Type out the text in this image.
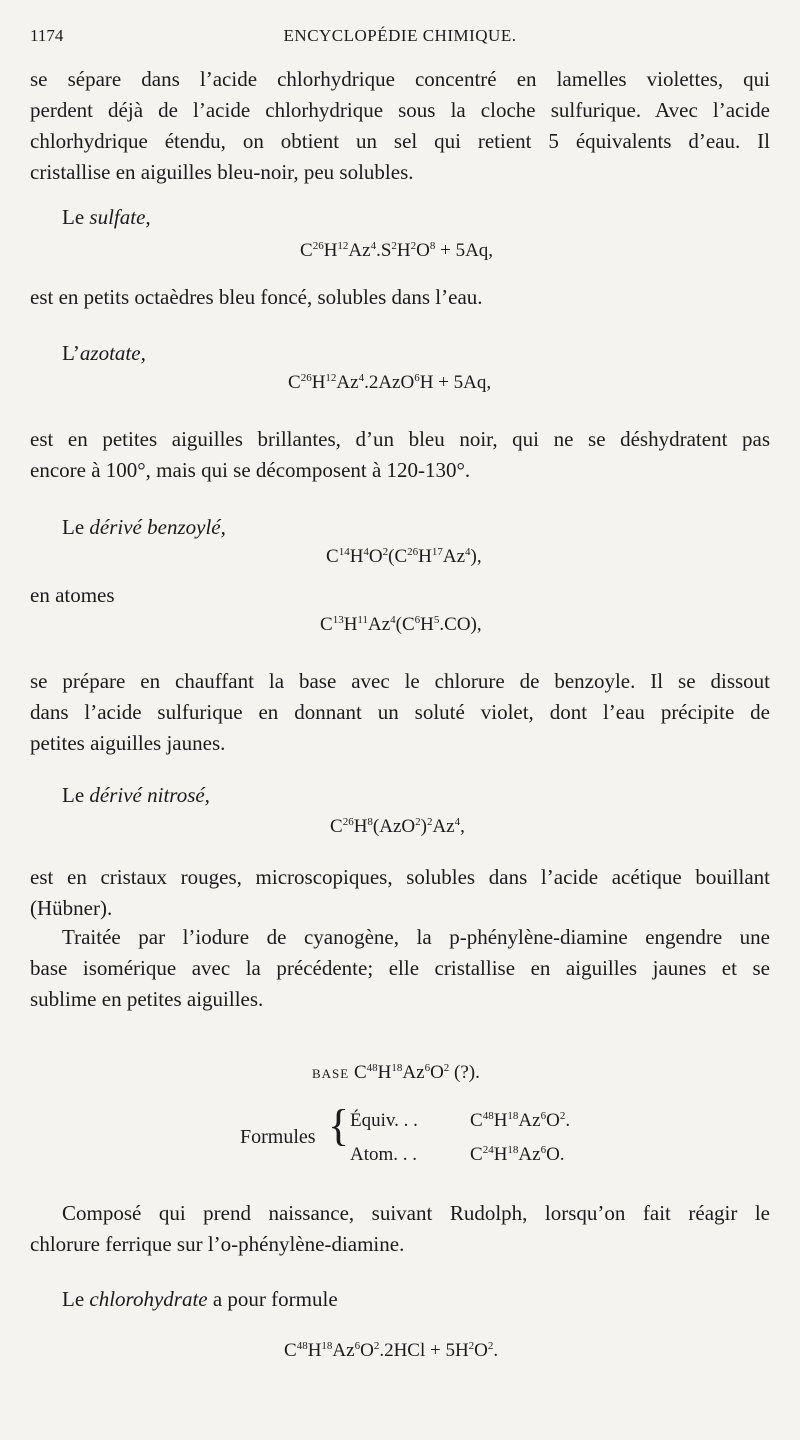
1174	ENCYCLOPÉDIE CHIMIQUE.
se sépare dans l’acide chlorhydrique concentré en lamelles violettes, qui
perdent déjà de l’acide chlorhydrique sous la cloche sulfurique. Avec l’acide
chlorhydrique étendu, on obtient un sel qui retient 5 équivalents d’eau. Il
cristallise en aiguilles bleu-noir, peu solubles.
Le sulfate,
$C^{26}H^{12}Az^4.S^2H^2O^8 + 5Aq$,
est en petits octaèdres bleu foncé, solubles dans l’eau.
L’azotate,
$C^{26}H^{12}Az^4.2AzO^6H + 5Aq$,
est en petites aiguilles brillantes, d’un bleu noir, qui ne se déshydratent pas
encore à 100°, mais qui se décomposent à 120-130°.
Le dérivé benzoylé,
$C^{14}H^4O^2(C^{26}H^{17}Az^4)$,
en atomes
$C^{13}H^{11}Az^4(C^6H^5.CO)$,
se prépare en chauffant la base avec le chlorure de benzoyle. Il se dissout
dans l’acide sulfurique en donnant un soluté violet, dont l’eau précipite de
petites aiguilles jaunes.
Le dérivé nitrosé,
$C^{26}H^8(AzO^2)^2Az^4$,
est en cristaux rouges, microscopiques, solubles dans l’acide acétique bouillant
(Hübner).
Traitée par l’iodure de cyanogène, la p-phénylène-diamine engendre une
base isomérique avec la précédente; elle cristallise en aiguilles jaunes et se
sublime en petites aiguilles.
BASE $C^{48}H^{18}Az^6O^2$ (?).
Formules { Équiv. . .	$C^{48}H^{18}Az^6O^2$.
Atom. . .	$C^{24}H^{18}Az^6O$.
Composé qui prend naissance, suivant Rudolph, lorsqu’on fait réagir le
chlorure ferrique sur l’o-phénylène-diamine.
Le chlorohydrate a pour formule
$C^{48}H^{18}Az^6O^2.2HCl + 5H^2O^2$.
